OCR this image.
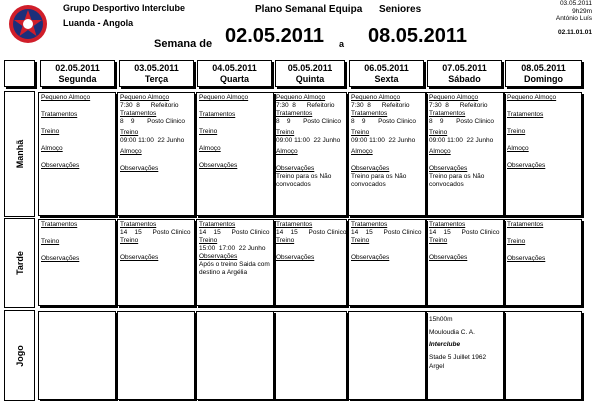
Grupo Desportivo Interclube
Luanda - Angola
Plano Semanal Equipa Seniores
03.05.2011
9h29m
António Luís
02.11.01.01
Semana de 02.05.2011 a 08.05.2011
02.05.2011
Segunda
03.05.2011
Terça
04.05.2011
Quarta
05.05.2011
Quinta
06.05.2011
Sexta
07.05.2011
Sábado
08.05.2011
Domingo
Manhã
Tarde
Jogo
Pequeno Almoço
Tratamentos
Treino
Almoço
Observações
Pequeno Almoço
7:30  8      Refeitorio
Tratamentos
8    9       Posto Clinico
Treino
09:00 11:00  22 Junho
Almoço
Observações
Pequeno Almoço
Tratamentos
Treino
Almoço
Observações
Pequeno Almoço
7:30  8      Refeitorio
Tratamentos
8    9       Posto Clinico
Treino
09:00 11:00  22 Junho
Almoço
Observações
Treino para os Não
convocados
Pequeno Almoço
7:30  8      Refeitorio
Tratamentos
8    9       Posto Clinico
Treino
09:00 11:00  22 Junho
Almoço
Observações
Treino para os Não
convocados
Pequeno Almoço
7:30  8      Refeitorio
Tratamentos
8    9       Posto Clinico
Treino
09:00 11:00  22 Junho
Almoço
Observações
Treino para os Não
convocados
Pequeno Almoço
Tratamentos
Treino
Almoço
Observações
Tratamentos
Treino
Observações
Tratamentos
14    15      Posto Clinico
Treino
Observações
Tratamentos
14    15      Posto Clinico
Treino
15:00  17:00  22 Junho
Observações
Após o treino Saida com
destino a Argélia
Tratamentos
14    15      Posto Clinico
Treino
Observações
Tratamentos
14    15      Posto Clinico
Treino
Observações
Tratamentos
14    15      Posto Clinico
Treino
Observações
Tratamentos
Treino
Observações
15h00m
Mouloudia C. A.
Interclube
Stade 5 Juillet 1962
Argel
